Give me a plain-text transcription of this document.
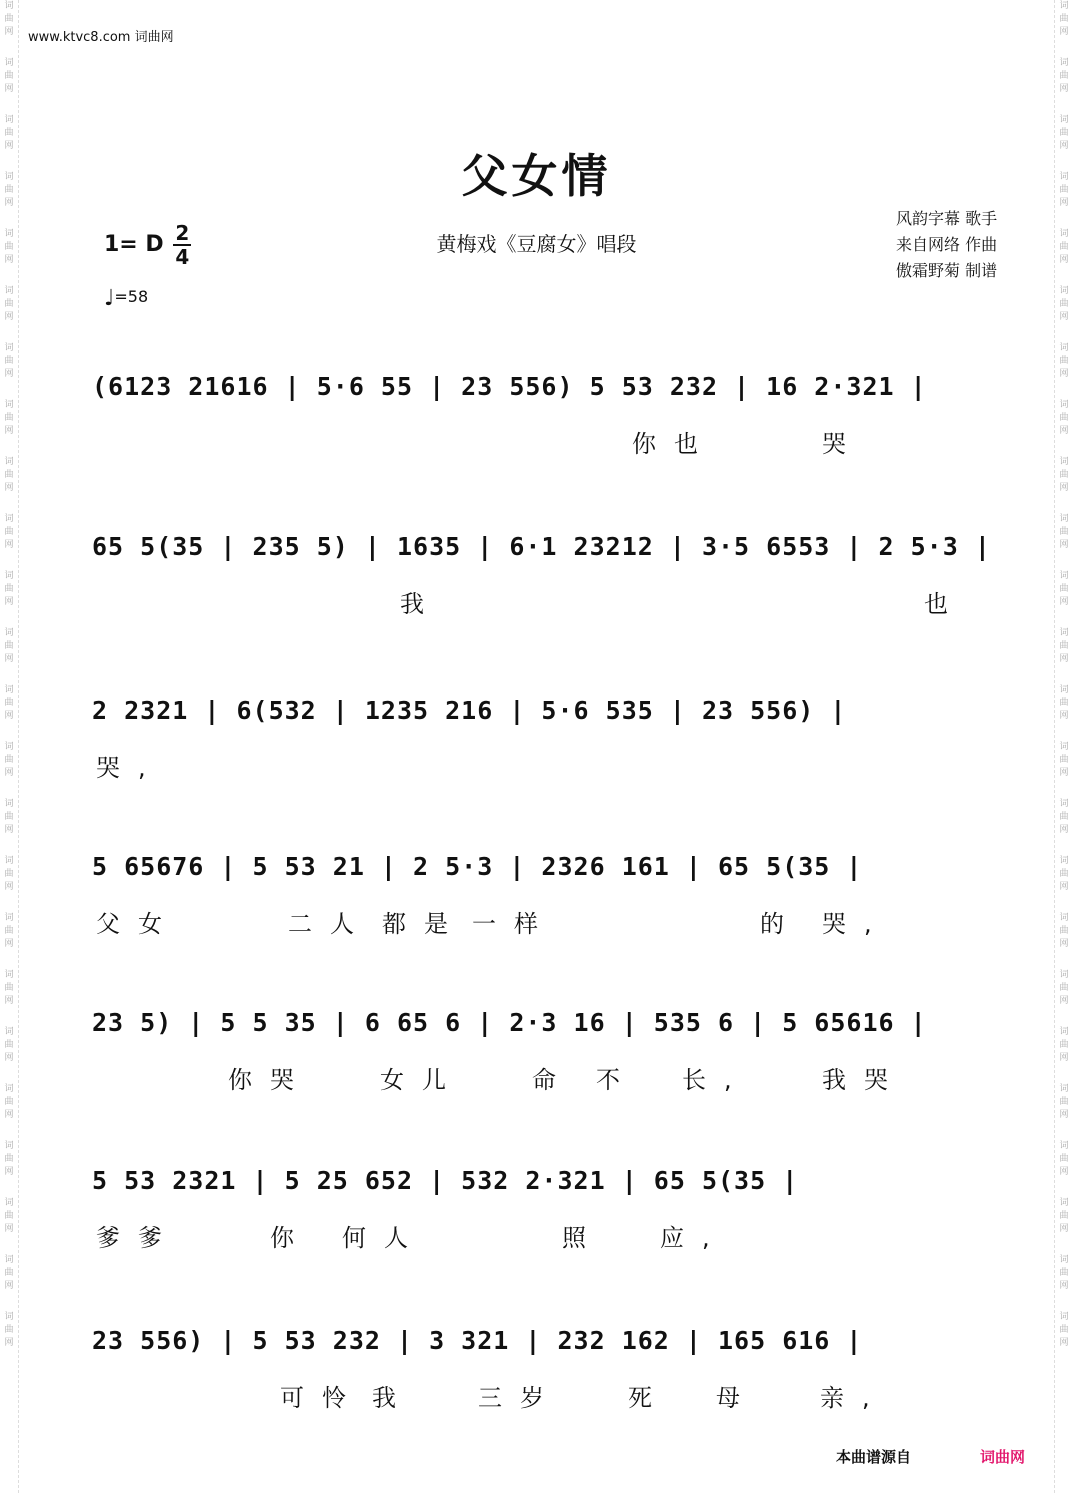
词
曲
网
词
曲
网
词
曲
网
词
曲
网
词
曲
网
词
曲
网
词
曲
网
词
曲
网
词
曲
网
词
曲
网
词
曲
网
词
曲
网
词
曲
网
词
曲
网
词
曲
网
词
曲
网
词
曲
网
词
曲
网
词
曲
网
词
曲
网
词
曲
网
词
曲
网
词
曲
网
词
曲
网
词
曲
网
词
曲
网
词
曲
网
词
曲
网
词
曲
网
词
曲
网
词
曲
网
词
曲
网
词
曲
网
词
曲
网
词
曲
网
词
曲
网
词
曲
网
词
曲
网
词
曲
网
词
曲
网
词
曲
网
词
曲
网
词
曲
网
词
曲
网
词
曲
网
词
曲
网
词
曲
网
词
曲
网
www.ktvc8.com 词曲网
父女情
1= D $\frac{2}{4}$
♩=58
黄梅戏《豆腐女》唱段
风韵字幕 歌手
来自网络 作曲
傲霜野菊 制谱
(6123 21616 | 5·6 55 | 23 556) 5 53 232 | 16 2·321 |
你也	哭
65 5(35 | 235 5) | 1635 | 6·1 23212 | 3·5 6553 | 2 5·3 |
我	也
2 2321 | 6(532 | 1235 216 | 5·6 535 | 23 556) |
哭,
5 65676 | 5 53 21 | 2 5·3 | 2326 161 | 65 5(35 |
父女	二人 都是 一样	的 哭,
23 5) | 5 5 35 | 6 65 6 | 2·3 16 | 535 6 | 5 65616 |
你哭	女儿	命 不 长,	我哭
5 53 2321 | 5 25 652 | 532 2·321 | 65 5(35 |
爹爹	你 何人	照 应,
23 556) | 5 53 232 | 3 321 | 232 162 | 165 616 |
可怜 我	三岁	死 母	亲,
本曲谱源自	词曲网
